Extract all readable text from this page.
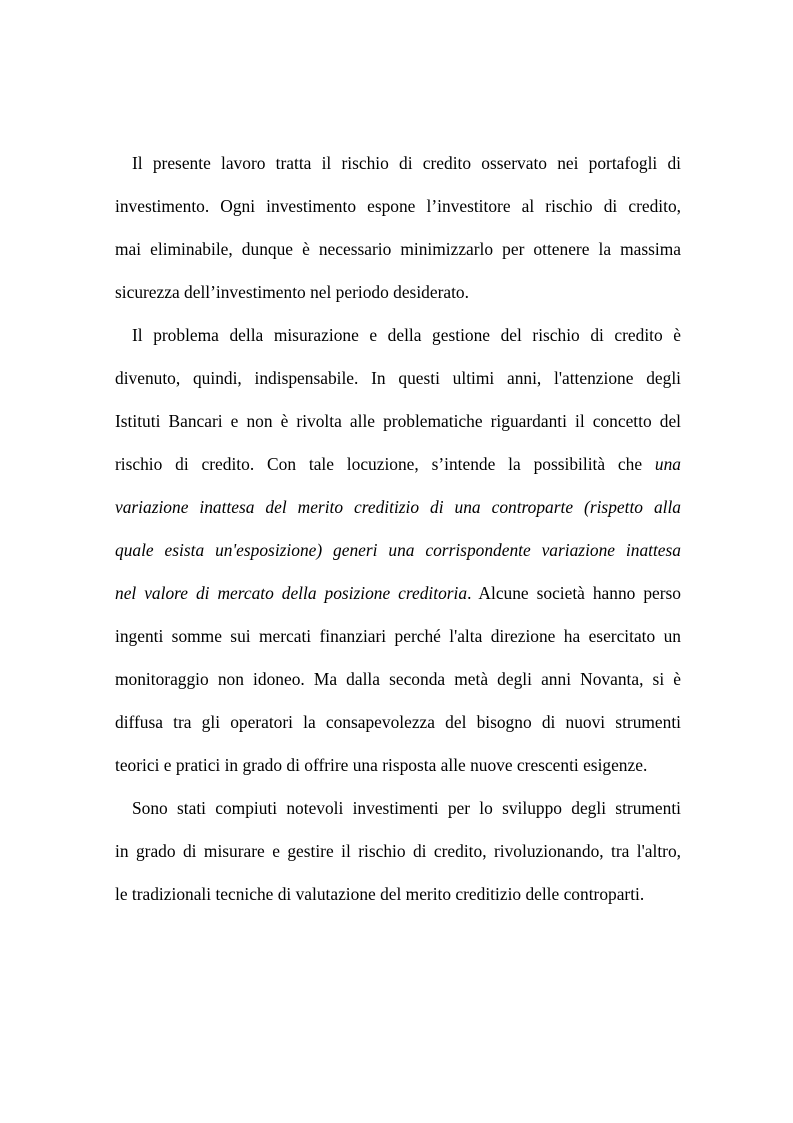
Il presente lavoro tratta il rischio di credito osservato nei portafogli di
investimento. Ogni investimento espone l’investitore al rischio di credito,
mai eliminabile, dunque è necessario minimizzarlo per ottenere la massima
sicurezza dell’investimento nel periodo desiderato.
Il problema della misurazione e della gestione del rischio di credito è
divenuto, quindi, indispensabile. In questi ultimi anni, l'attenzione degli
Istituti Bancari e non è rivolta alle problematiche riguardanti il concetto del
rischio di credito. Con tale locuzione, s’intende la possibilità che una
variazione inattesa del merito creditizio di una controparte (rispetto alla
quale esista un'esposizione) generi una corrispondente variazione inattesa
nel valore di mercato della posizione creditoria. Alcune società hanno perso
ingenti somme sui mercati finanziari perché l'alta direzione ha esercitato un
monitoraggio non idoneo. Ma dalla seconda metà degli anni Novanta, si è
diffusa tra gli operatori la consapevolezza del bisogno di nuovi strumenti
teorici e pratici in grado di offrire una risposta alle nuove crescenti esigenze.
Sono stati compiuti notevoli investimenti per lo sviluppo degli strumenti
in grado di misurare e gestire il rischio di credito, rivoluzionando, tra l'altro,
le tradizionali tecniche di valutazione del merito creditizio delle controparti.
